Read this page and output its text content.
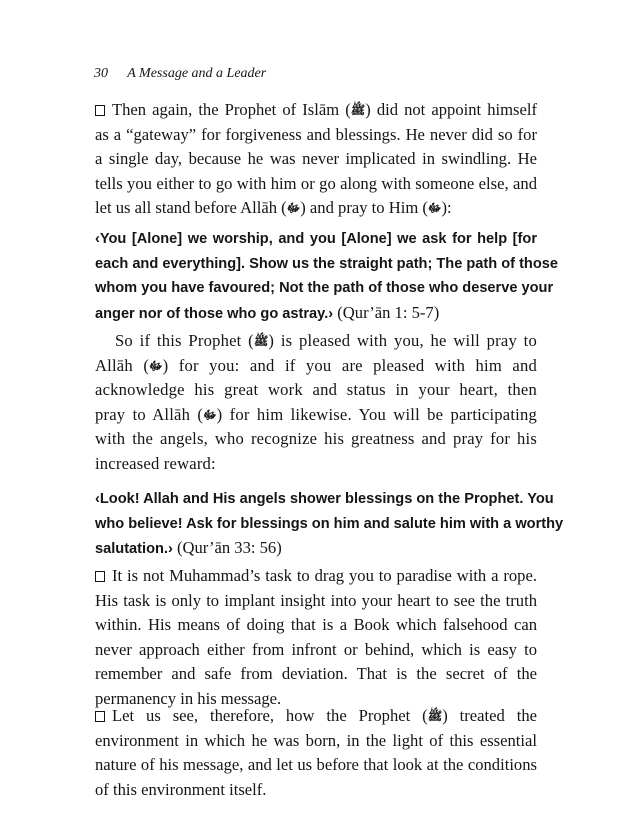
30 A Message and a Leader
Then again, the Prophet of Islām (ﷺ) did not appoint himself
as a “gateway” for forgiveness and blessings. He never did so for
a single day, because he was never implicated in swindling. He
tells you either to go with him or go along with someone else, and
let us all stand before Allāh (ﷻ) and pray to Him (ﷻ):
‹You [Alone] we worship, and you [Alone] we ask for help [for
each and everything]. Show us the straight path; The path of those
whom you have favoured; Not the path of those who deserve your
anger nor of those who go astray.› (Qur’ān 1: 5-7)
So if this Prophet (ﷺ) is pleased with you, he will pray to
Allāh (ﷻ) for you: and if you are pleased with him and
acknowledge his great work and status in your heart, then
pray to Allāh (ﷻ) for him likewise. You will be participating
with the angels, who recognize his greatness and pray for his
increased reward:
‹Look! Allah and His angels shower blessings on the Prophet. You
who believe! Ask for blessings on him and salute him with a worthy
salutation.› (Qur’ān 33: 56)
It is not Muhammad’s task to drag you to paradise with a rope.
His task is only to implant insight into your heart to see the truth
within. His means of doing that is a Book which falsehood can
never approach either from infront or behind, which is easy to
remember and safe from deviation. That is the secret of the
permanency in his message.
Let us see, therefore, how the Prophet (ﷺ) treated the
environment in which he was born, in the light of this essential
nature of his message, and let us before that look at the conditions
of this environment itself.
